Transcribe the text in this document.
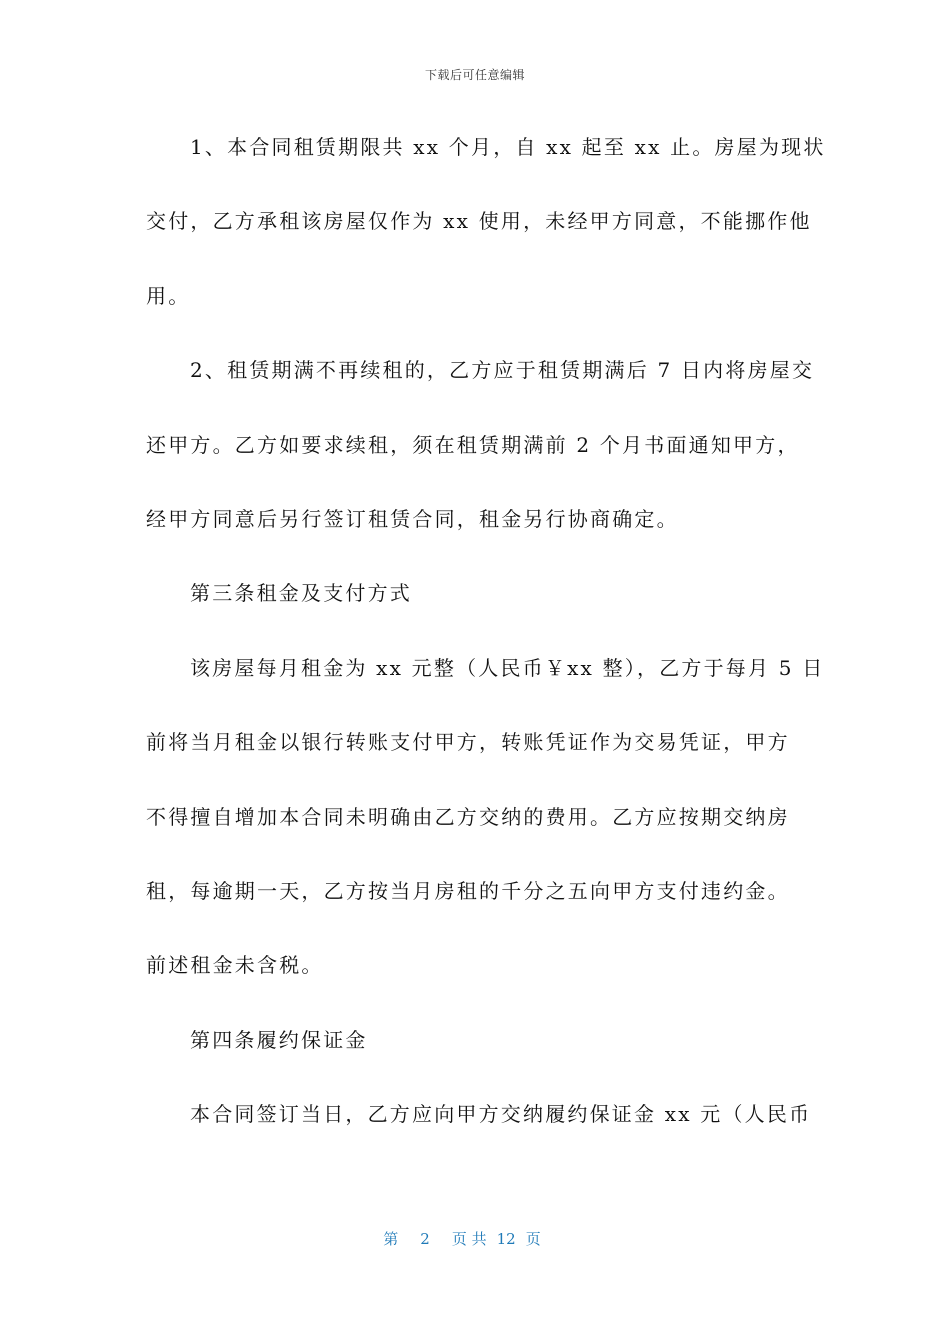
下载后可任意编辑
1、本合同租赁期限共 xx 个月，自 xx 起至 xx 止。房屋为现状
交付，乙方承租该房屋仅作为 xx 使用，未经甲方同意，不能挪作他
用。
2、租赁期满不再续租的，乙方应于租赁期满后 7 日内将房屋交
还甲方。乙方如要求续租，须在租赁期满前 2 个月书面通知甲方，
经甲方同意后另行签订租赁合同，租金另行协商确定。
第三条租金及支付方式
该房屋每月租金为 xx 元整（人民币￥xx 整），乙方于每月 5 日
前将当月租金以银行转账支付甲方，转账凭证作为交易凭证，甲方
不得擅自增加本合同未明确由乙方交纳的费用。乙方应按期交纳房
租，每逾期一天，乙方按当月房租的千分之五向甲方支付违约金。
前述租金未含税。
第四条履约保证金
本合同签订当日，乙方应向甲方交纳履约保证金 xx 元（人民币
第 2 页 共 12 页
